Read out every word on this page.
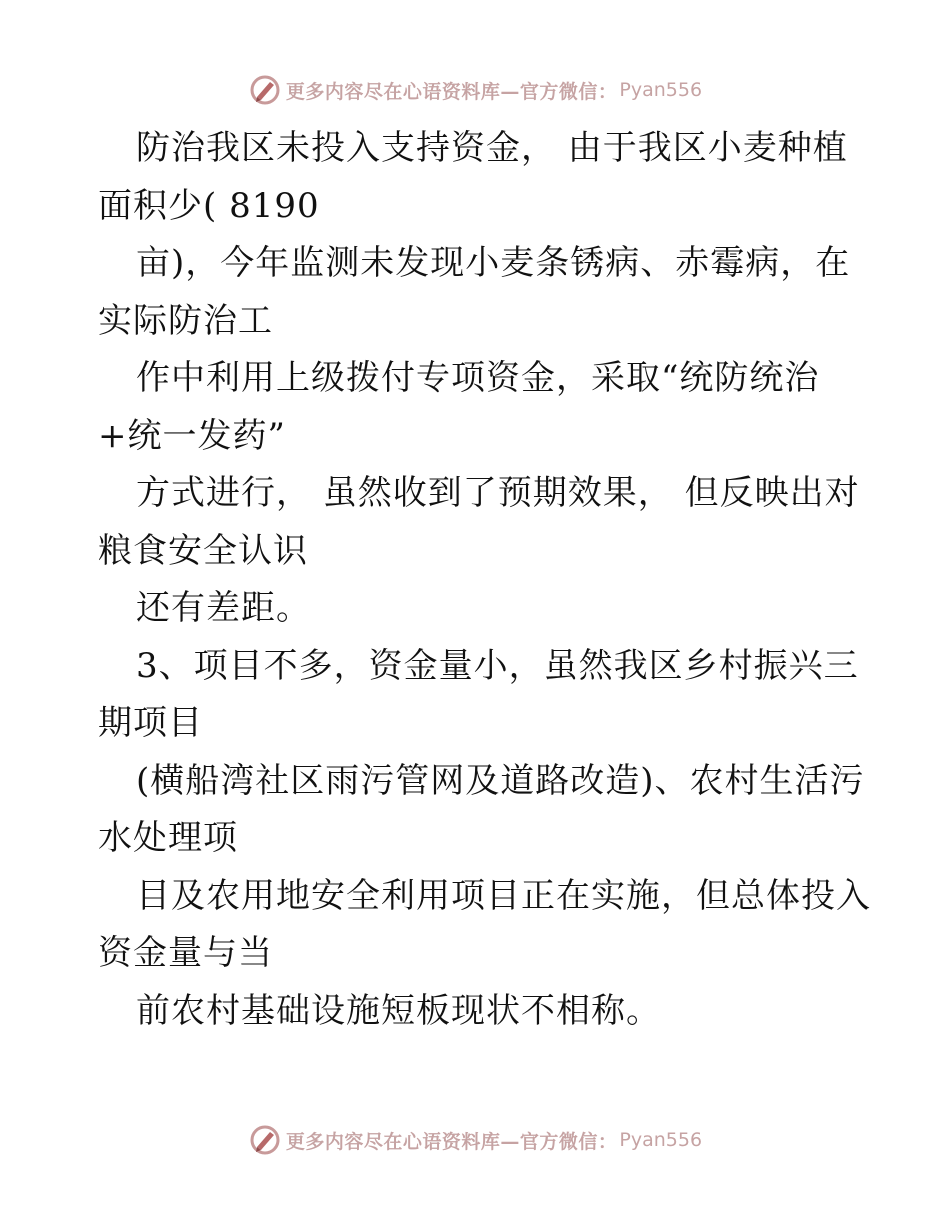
更多内容尽在心语资料库—官方微信： Pyan556
防治我区未投入支持资金， 由于我区小麦种植
面积少( 8190
亩)，今年监测未发现小麦条锈病、赤霉病，在
实际防治工
作中利用上级拨付专项资金，采取“统防统治
+统一发药”
方式进行， 虽然收到了预期效果， 但反映出对
粮食安全认识
还有差距。
3、项目不多，资金量小，虽然我区乡村振兴三
期项目
(横船湾社区雨污管网及道路改造)、农村生活污
水处理项
目及农用地安全利用项目正在实施，但总体投入
资金量与当
前农村基础设施短板现状不相称。
更多内容尽在心语资料库—官方微信： Pyan556
